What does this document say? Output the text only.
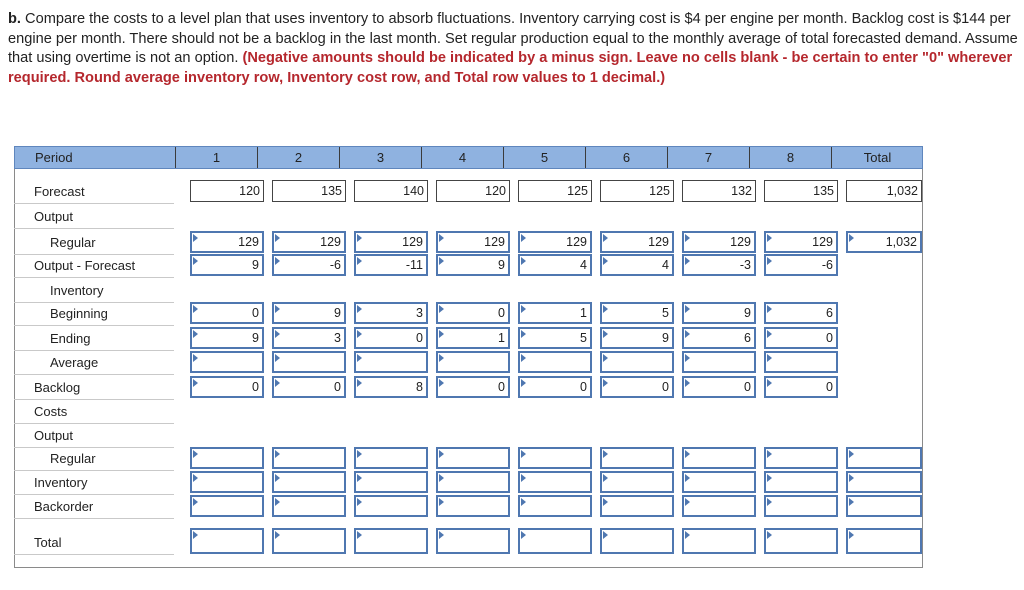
b. Compare the costs to a level plan that uses inventory to absorb fluctuations. Inventory carrying cost is $4 per engine per month. Backlog cost is $144 per engine per month. There should not be a backlog in the last month. Set regular production equal to the monthly average of total forecasted demand. Assume that using overtime is not an option. (Negative amounts should be indicated by a minus sign. Leave no cells blank - be certain to enter "0" wherever required. Round average inventory row, Inventory cost row, and Total row values to 1 decimal.)
Period	1	2	3	4	5	6	7	8	Total
Forecast	120	135	140	120	125	125	132	135	1,032
Output
Regular	129	129	129	129	129	129	129	129	1,032
Output - Forecast	9	-6	-11	9	4	4	-3	-6
Inventory
Beginning	0	9	3	0	1	5	9	6
Ending	9	3	0	1	5	9	6	0
Average
Backlog	0	0	8	0	0	0	0	0
Costs
Output
Regular
Inventory
Backorder
Total
